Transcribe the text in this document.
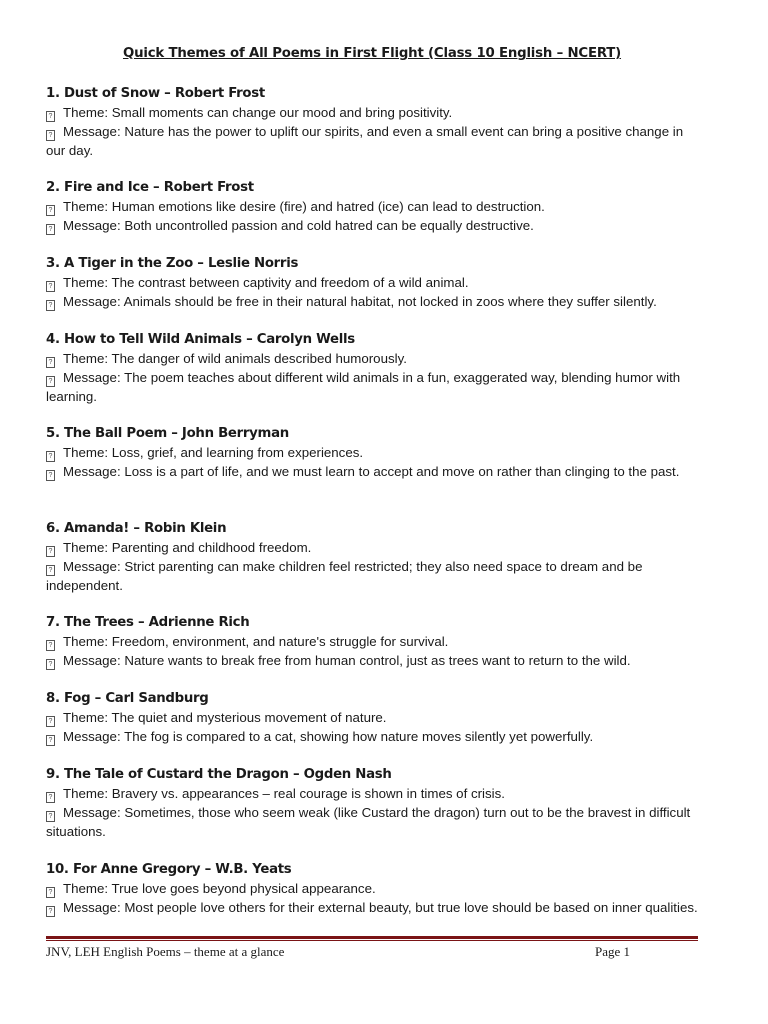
Quick Themes of All Poems in First Flight (Class 10 English – NCERT)
1. Dust of Snow – Robert Frost
? Theme: Small moments can change our mood and bring positivity.
? Message: Nature has the power to uplift our spirits, and even a small event can bring a positive change in our day.
2. Fire and Ice – Robert Frost
? Theme: Human emotions like desire (fire) and hatred (ice) can lead to destruction.
? Message: Both uncontrolled passion and cold hatred can be equally destructive.
3. A Tiger in the Zoo – Leslie Norris
? Theme: The contrast between captivity and freedom of a wild animal.
? Message: Animals should be free in their natural habitat, not locked in zoos where they suffer silently.
4. How to Tell Wild Animals – Carolyn Wells
? Theme: The danger of wild animals described humorously.
? Message: The poem teaches about different wild animals in a fun, exaggerated way, blending humor with learning.
5. The Ball Poem – John Berryman
? Theme: Loss, grief, and learning from experiences.
? Message: Loss is a part of life, and we must learn to accept and move on rather than clinging to the past.
6. Amanda! – Robin Klein
? Theme: Parenting and childhood freedom.
? Message: Strict parenting can make children feel restricted; they also need space to dream and be independent.
7. The Trees – Adrienne Rich
? Theme: Freedom, environment, and nature's struggle for survival.
? Message: Nature wants to break free from human control, just as trees want to return to the wild.
8. Fog – Carl Sandburg
? Theme: The quiet and mysterious movement of nature.
? Message: The fog is compared to a cat, showing how nature moves silently yet powerfully.
9. The Tale of Custard the Dragon – Ogden Nash
? Theme: Bravery vs. appearances – real courage is shown in times of crisis.
? Message: Sometimes, those who seem weak (like Custard the dragon) turn out to be the bravest in difficult situations.
10. For Anne Gregory – W.B. Yeats
? Theme: True love goes beyond physical appearance.
? Message: Most people love others for their external beauty, but true love should be based on inner qualities.
JNV, LEH English Poems – theme at a glance	Page 1
